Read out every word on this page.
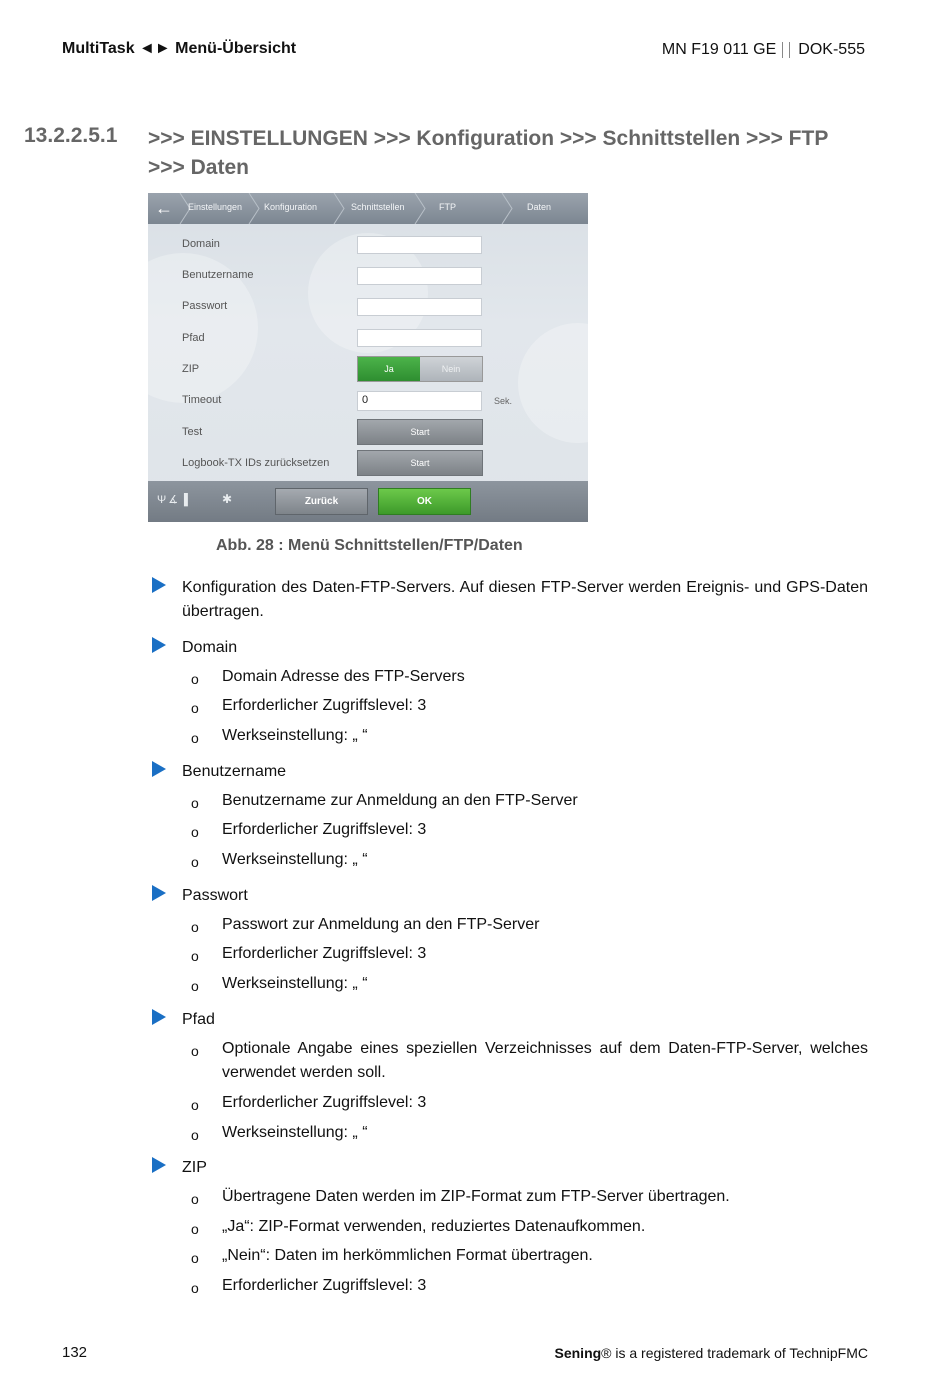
MultiTask ◄► Menü-Übersicht	MN F19 011 GE DOK-555
13.2.2.5.1 >>> EINSTELLUNGEN >>> Konfiguration >>> Schnittstellen >>> FTP
>>> Daten
←	Einstellungen Konfiguration	Schnittstellen	FTP	Daten
Domain
Benutzername
Passwort
Pfad
ZIP	Ja	Nein
Timeout	0	Sek.
Test	Start
Logbook-TX IDs zurücksetzen	Start
Ψ∡▐	✱	Zurück	OK
Abb. 28 : Menü Schnittstellen/FTP/Daten
Konfiguration des Daten-FTP-Servers. Auf diesen FTP-Server werden Ereignis- und GPS-Daten übertragen.
Domain
o Domain Adresse des FTP-Servers
o Erforderlicher Zugriffslevel: 3
o Werkseinstellung: „ “
Benutzername
o Benutzername zur Anmeldung an den FTP-Server
o Erforderlicher Zugriffslevel: 3
o Werkseinstellung: „ “
Passwort
o Passwort zur Anmeldung an den FTP-Server
o Erforderlicher Zugriffslevel: 3
o Werkseinstellung: „ “
Pfad
o Optionale Angabe eines speziellen Verzeichnisses auf dem Daten-FTP-Server, welches verwendet werden soll.
o Erforderlicher Zugriffslevel: 3
o Werkseinstellung: „ “
ZIP
o Übertragene Daten werden im ZIP-Format zum FTP-Server übertragen.
o „Ja“: ZIP-Format verwenden, reduziertes Datenaufkommen.
o „Nein“: Daten im herkömmlichen Format übertragen.
o Erforderlicher Zugriffslevel: 3
132	Sening® is a registered trademark of TechnipFMC
